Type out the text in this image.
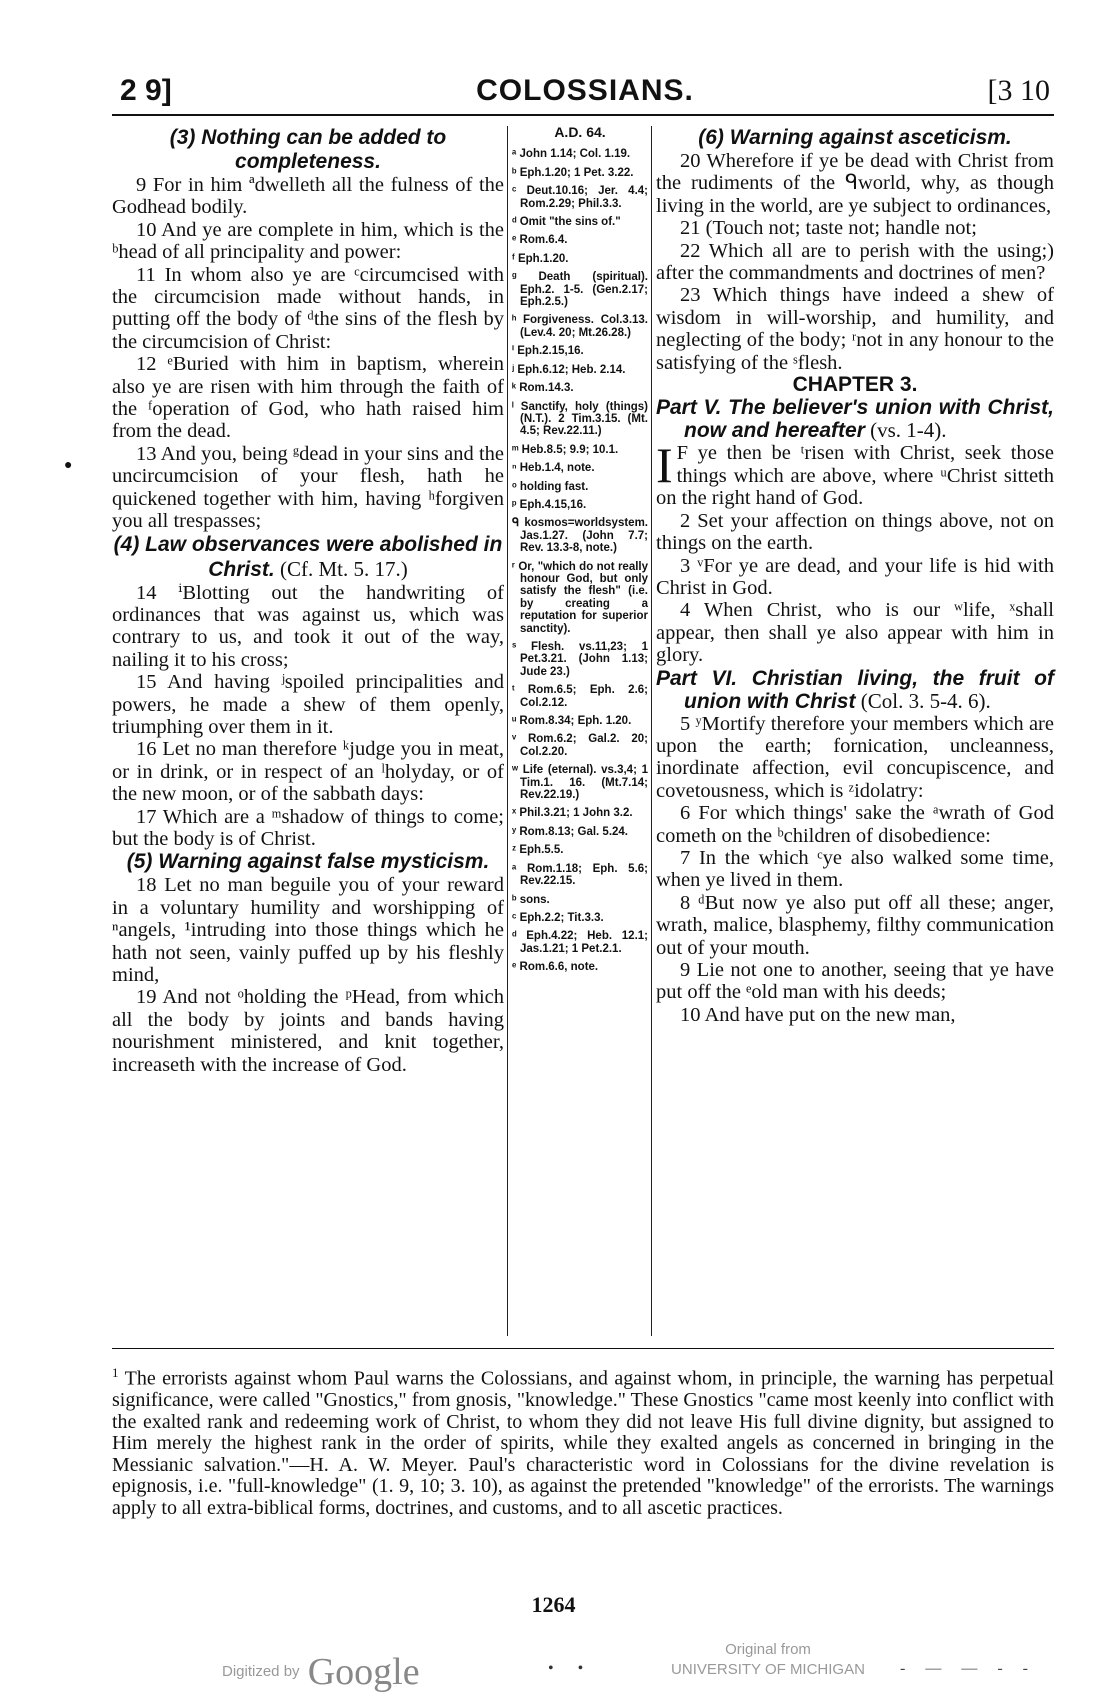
2 9]	COLOSSIANS.	[3 10
●

(3) Nothing can be added to completeness.

9 For in him ªdwelleth all the fulness of the Godhead bodily.

10 And ye are complete in him, which is the ᵇhead of all principality and power:

11 In whom also ye are ᶜcircumcised with the circumcision made without hands, in putting off the body of ᵈthe sins of the flesh by the circumcision of Christ:

12 ᵉBuried with him in baptism, wherein also ye are risen with him through the faith of the ᶠoperation of God, who hath raised him from the dead.

13 And you, being ᵍdead in your sins and the uncircumcision of your flesh, hath he quickened together with him, having ʰforgiven you all trespasses;

(4) Law observances were abolished in Christ. (Cf. Mt. 5. 17.)

14 ⁱBlotting out the handwriting of ordinances that was against us, which was contrary to us, and took it out of the way, nailing it to his cross;

15 And having ʲspoiled principalities and powers, he made a shew of them openly, triumphing over them in it.

16 Let no man therefore ᵏjudge you in meat, or in drink, or in respect of an ˡholyday, or of the new moon, or of the sabbath days:

17 Which are a ᵐshadow of things to come; but the body is of Christ.

(5) Warning against false mysticism.

18 Let no man beguile you of your reward in a voluntary humility and worshipping of ⁿangels, ¹intruding into those things which he hath not seen, vainly puffed up by his fleshly mind,

19 And not ᵒholding the ᵖHead, from which all the body by joints and bands having nourishment ministered, and knit together, increaseth with the increase of God.

A.D. 64.
ᵃ John 1.14; Col. 1.19.
ᵇ Eph.1.20; 1 Pet. 3.22.
ᶜ Deut.10.16; Jer. 4.4; Rom.2.29; Phil.3.3.
ᵈ Omit "the sins of."
ᵉ Rom.6.4.
ᶠ Eph.1.20.
ᵍ Death (spiritual). Eph.2. 1-5. (Gen.2.17; Eph.2.5.)
ʰ Forgiveness. Col.3.13. (Lev.4. 20; Mt.26.28.)
ⁱ Eph.2.15,16.
ʲ Eph.6.12; Heb. 2.14.
ᵏ Rom.14.3.
ˡ Sanctify, holy (things) (N.T.). 2 Tim.3.15. (Mt. 4.5; Rev.22.11.)
ᵐ Heb.8.5; 9.9; 10.1.
ⁿ Heb.1.4, note.
ᵒ holding fast.
ᵖ Eph.4.15,16.
ᑫ kosmos=worldsystem. Jas.1.27. (John 7.7; Rev. 13.3-8, note.)
ʳ Or, "which do not really honour God, but only satisfy the flesh" (i.e. by creating a reputation for superior sanctity).
ˢ Flesh. vs.11,23; 1 Pet.3.21. (John 1.13; Jude 23.)
ᵗ Rom.6.5; Eph. 2.6; Col.2.12.
ᵘ Rom.8.34; Eph. 1.20.
ᵛ Rom.6.2; Gal.2. 20; Col.2.20.
ʷ Life (eternal). vs.3,4; 1 Tim.1. 16. (Mt.7.14; Rev.22.19.)
ˣ Phil.3.21; 1 John 3.2.
ʸ Rom.8.13; Gal. 5.24.
ᶻ Eph.5.5.
ᵃ Rom.1.18; Eph. 5.6; Rev.22.15.
ᵇ sons.
ᶜ Eph.2.2; Tit.3.3.
ᵈ Eph.4.22; Heb. 12.1; Jas.1.21; 1 Pet.2.1.
ᵉ Rom.6.6, note.

(6) Warning against asceticism.

20 Wherefore if ye be dead with Christ from the rudiments of the ᑫworld, why, as though living in the world, are ye subject to ordinances,

21 (Touch not; taste not; handle not;

22 Which all are to perish with the using;) after the commandments and doctrines of men?

23 Which things have indeed a shew of wisdom in will-worship, and humility, and neglecting of the body; ʳnot in any honour to the satisfying of the ˢflesh.

CHAPTER 3.

Part V. The believer's union with Christ, now and hereafter (vs. 1-4).

I F ye then be ᵗrisen with Christ, seek those things which are above, where ᵘChrist sitteth on the right hand of God.

2 Set your affection on things above, not on things on the earth.

3 ᵛFor ye are dead, and your life is hid with Christ in God.

4 When Christ, who is our ʷlife, ˣshall appear, then shall ye also appear with him in glory.

Part VI. Christian living, the fruit of union with Christ (Col. 3. 5-4. 6).

5 ʸMortify therefore your members which are upon the earth; fornication, uncleanness, inordinate affection, evil concupiscence, and covetousness, which is ᶻidolatry:

6 For which things' sake the ᵃwrath of God cometh on the ᵇchildren of disobedience:

7 In the which ᶜye also walked some time, when ye lived in them.

8 ᵈBut now ye also put off all these; anger, wrath, malice, blasphemy, filthy communication out of your mouth.

9 Lie not one to another, seeing that ye have put off the ᵉold man with his deeds;

10 And have put on the new man,

$^1$ The errorists against whom Paul warns the Colossians, and against whom, in principle, the warning has perpetual significance, were called "Gnostics," from gnosis, "knowledge." These Gnostics "came most keenly into conflict with the exalted rank and redeeming work of Christ, to whom they did not leave His full divine dignity, but assigned to Him merely the highest rank in the order of spirits, while they exalted angels as concerned in bringing in the Messianic salvation."—H. A. W. Meyer. Paul's characteristic word in Colossians for the divine revelation is epignosis, i.e. "full-knowledge" (1. 9, 10; 3. 10), as against the pretended "knowledge" of the errorists. The warnings apply to all extra-biblical forms, doctrines, and customs, and to all ascetic practices.
1264
Digitized by Google	• •
Original from
UNIVERSITY OF MICHIGAN - — — - -
